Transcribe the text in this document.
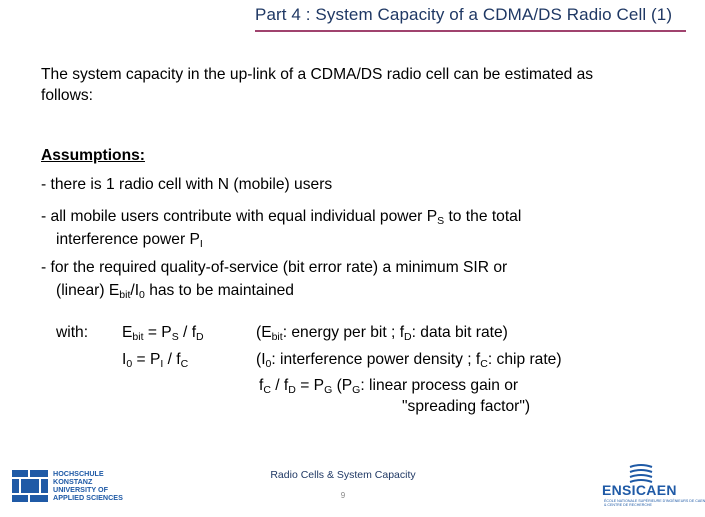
Part 4 : System Capacity of a CDMA/DS Radio Cell (1)
The system capacity in the up-link of a CDMA/DS radio cell can be estimated as
follows:
Assumptions:
- there is 1 radio cell with N (mobile) users
- all mobile users contribute with equal individual power $P_S$ to the total
interference power $P_I$
- for the required quality-of-service (bit error rate) a minimum SIR or
(linear) $E_{bit}/I_0$ has to be maintained
with: $E_{bit} = P_S / f_D$	($E_{bit}$: energy per bit ; $f_D$: data bit rate)
$I_0 = P_I / f_C$	($I_0$: interference power density ; $f_C$: chip rate)
$f_C / f_D = P_G$ ($P_G$: linear process gain or
"spreading factor")
Radio Cells & System Capacity
9
HOCHSCHULE
KONSTANZ
UNIVERSITY OF
APPLIED SCIENCES	ENSICAEN
ÉCOLE NATIONALE SUPÉRIEURE D'INGÉNIEURS DE CAEN
& CENTRE DE RECHERCHE
